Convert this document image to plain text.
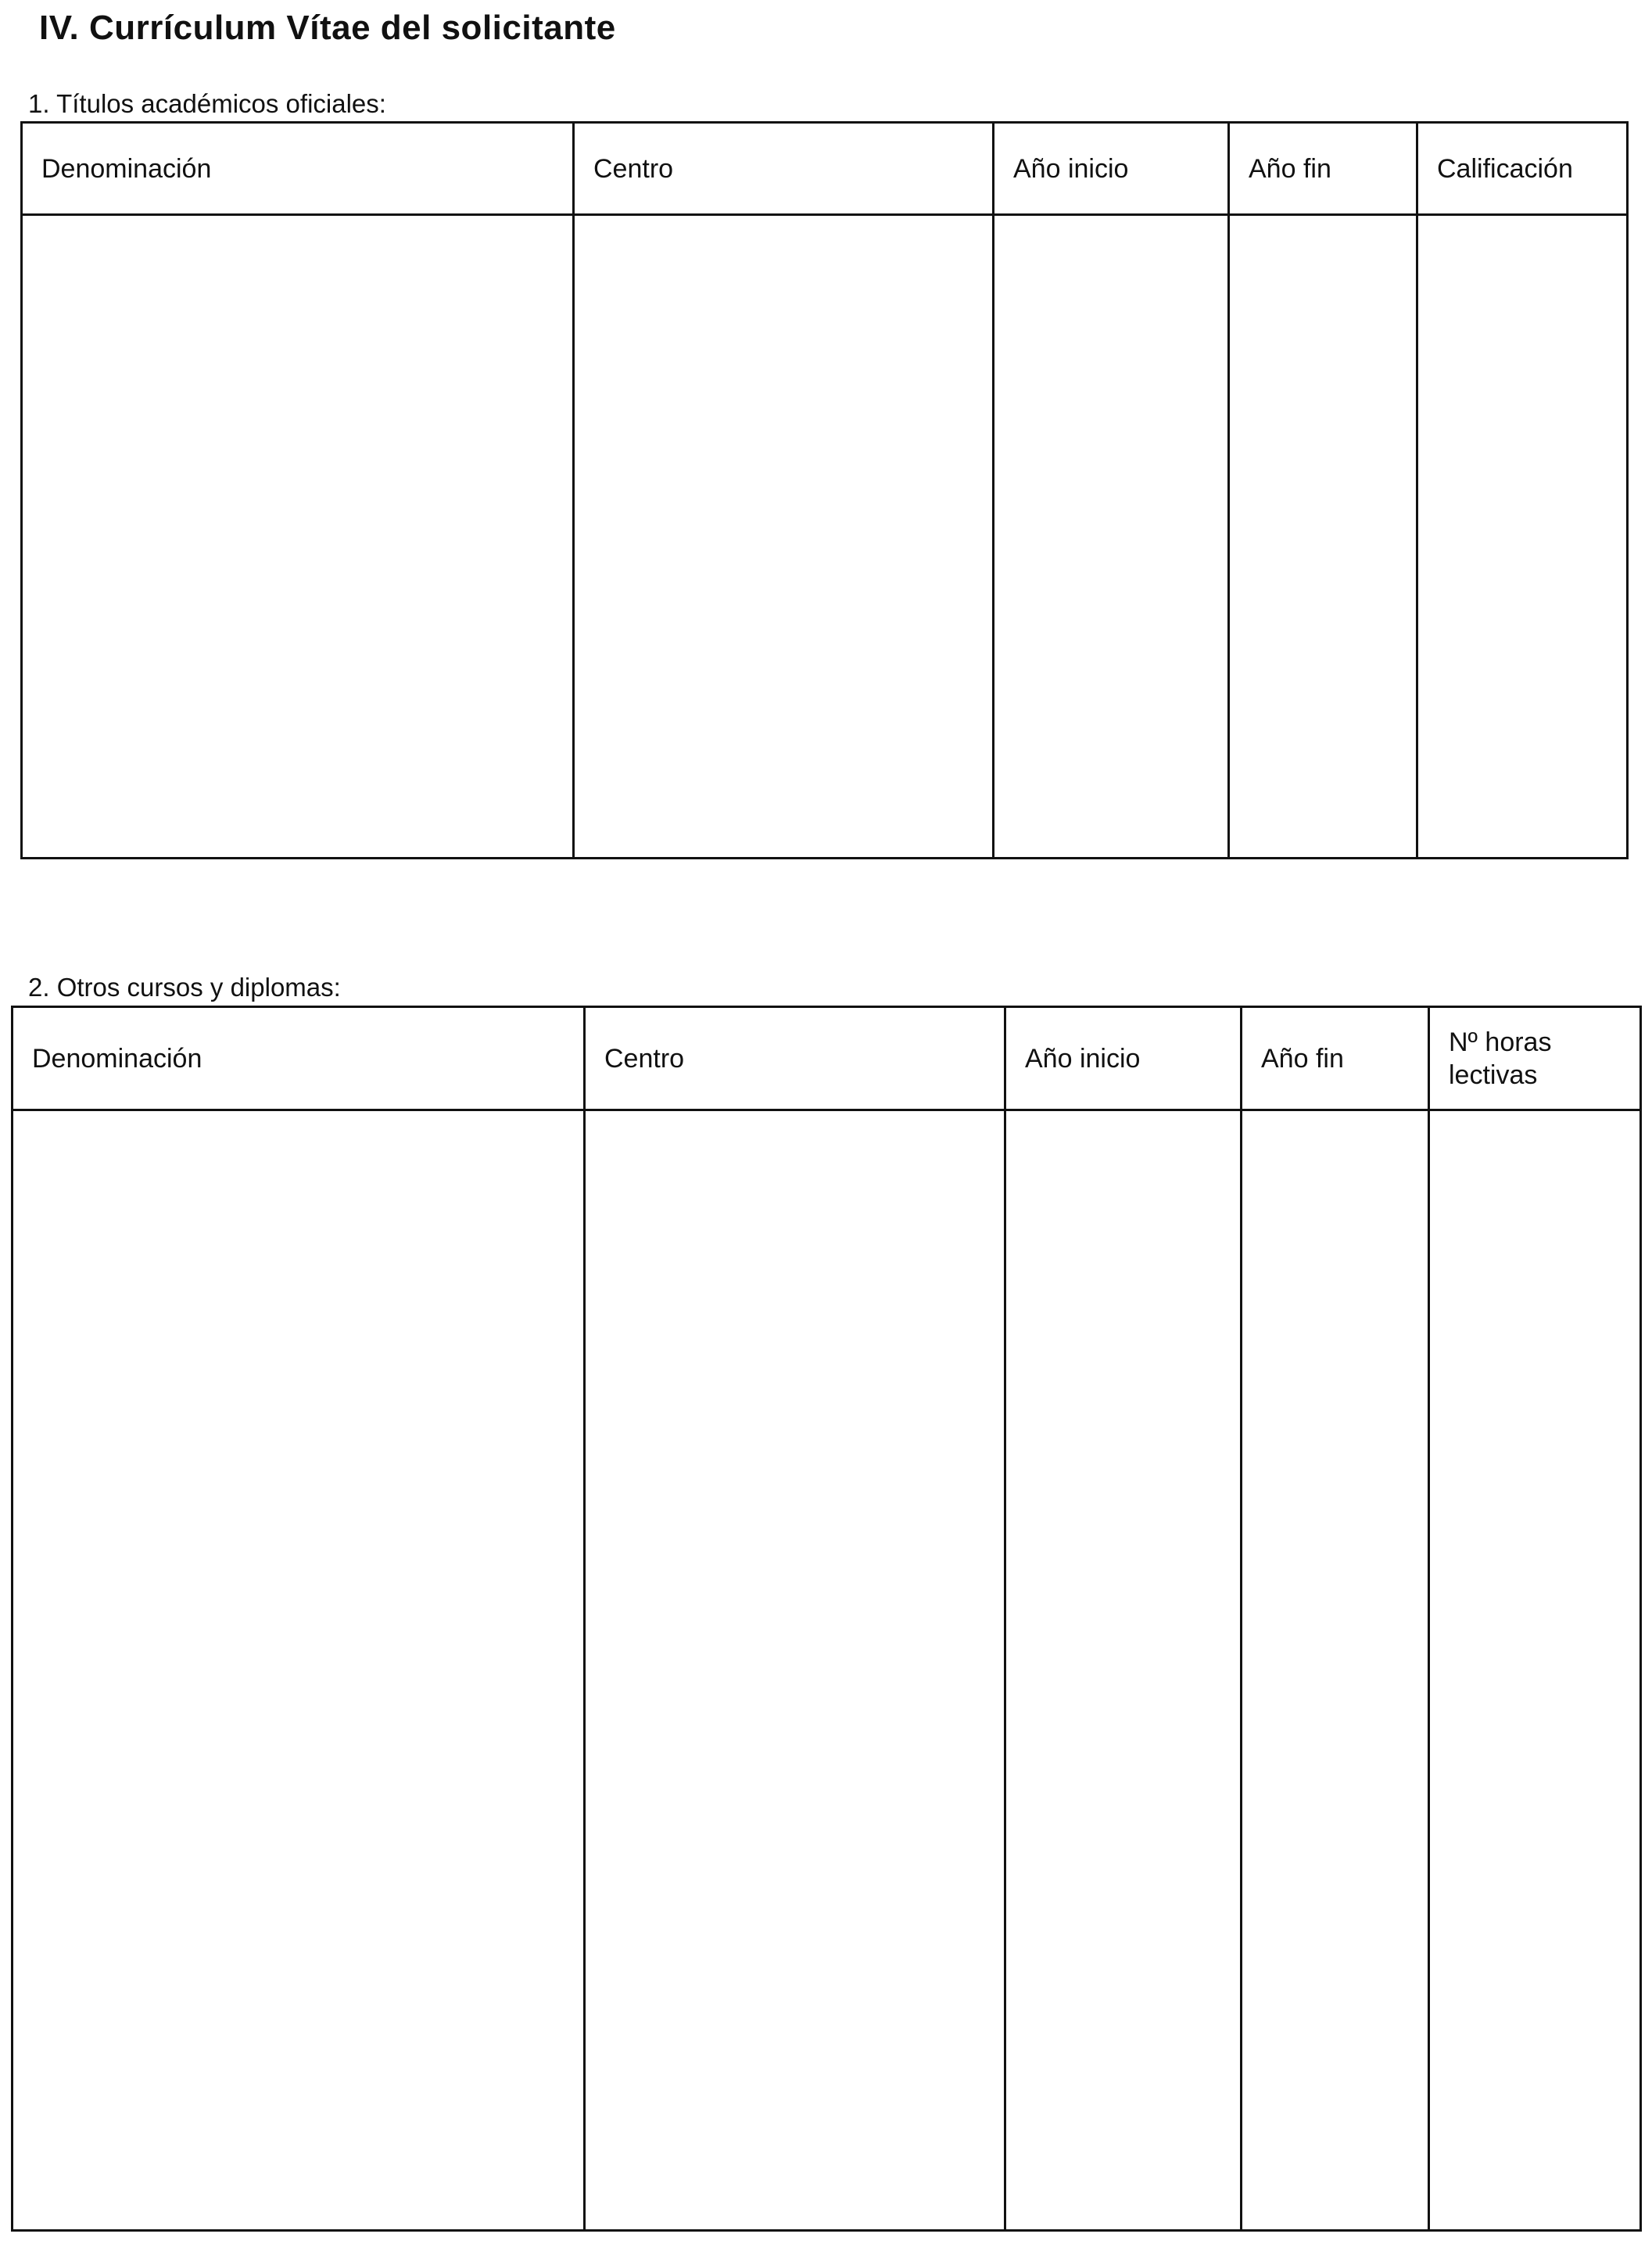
IV. Currículum Vítae del solicitante
1. Títulos académicos oficiales:
Denominación	Centro	Año inicio	Año fin	Calificación

2. Otros cursos y diplomas:
Denominación	Centro	Año inicio	Año fin	Nº horas lectivas
